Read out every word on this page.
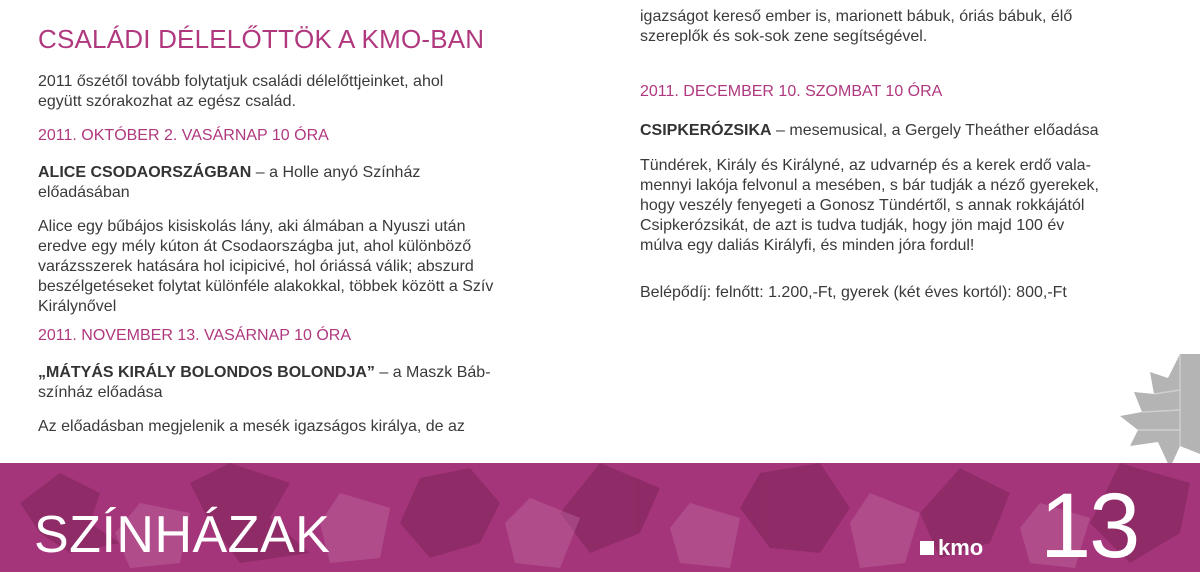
CSALÁDI DÉLELŐTTÖK A KMO-BAN

2011 őszétől tovább folytatjuk családi délelőttjeinket, ahol

együtt szórakozhat az egész család.

2011. OKTÓBER 2. VASÁRNAP 10 ÓRA

ALICE CSODAORSZÁGBAN – a Holle anyó Színház

előadásában

Alice egy bűbájos kisiskolás lány, aki álmában a Nyuszi után

eredve egy mély kúton át Csodaországba jut, ahol különböző

varázsszerek hatására hol icipicivé, hol óriássá válik; abszurd

beszélgetéseket folytat különféle alakokkal, többek között a Szív

Királynővel

2011. NOVEMBER 13. VASÁRNAP 10 ÓRA

„MÁTYÁS KIRÁLY BOLONDOS BOLONDJA” – a Maszk Báb-

színház előadása

Az előadásban megjelenik a mesék igazságos királya, de az

igazságot kereső ember is, marionett bábuk, óriás bábuk, élő

szereplők és sok-sok zene segítségével.

2011. DECEMBER 10. SZOMBAT 10 ÓRA

CSIPKERÓZSIKA – mesemusical, a Gergely Theáther előadása

Tündérek, Király és Királyné, az udvarnép és a kerek erdő vala-

mennyi lakója felvonul a mesében, s bár tudják a néző gyerekek,

hogy veszély fenyegeti a Gonosz Tündértől, s annak rokkájától

Csipkerózsikát, de azt is tudva tudják, hogy jön majd 100 év

múlva egy daliás Királyfi, és minden jóra fordul!

Belépődíj: felnőtt: 1.200,-Ft, gyerek (két éves kortól): 800,-Ft

SZÍNHÁZAK	kmo 13
